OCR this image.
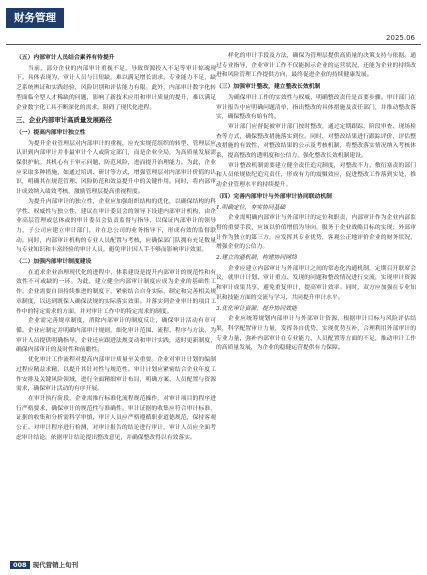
财务管理
2025.06

（五）内部审计人员结合素养有待提升

当前，部分企业的内部审计重视不足，导致资源投入不足等审计惊魂现下。具体表现为，审计人员与日短缺，难以满足增长需求，专业能力不足，缺乏系统辨证和实践经验，风险识别和评估能力有限。此外，内部审计数字化转型面临全型人才稀缺的问题，影响了新技术应用和审计质量的提升，难以满足企业数字化工具不断深化的需求，阻碍了现代化进程。

三、企业内部审计高质量发展路径

（一）提高内部审计独立性

为提升企业管理层对内部审计的重视，应充实规范组织的转型、管理层应认识到内部审计并非最审计个人或阶定部门，而是企业全局，为高质量发展需保供护航。其机心有于审示问题、防范风险，进而提升治理能力。为此，企业应采取多种措施，如通过培训、研讨等方式，增强管理层对内部审计价值的认识，明确其在规范管理、风险防范和效益提升中的关键作用。同时，将内部审计成效纳入绩效考核，激励管理层提高重视程度。

为提升内部审计的独立性，企业应加强组织结构的优化，以确保结构的科学性、权威性与独立性，建议在审计委员会的领导下设建内部审计机构，由企业高层管理或总体或的审计委员会负责监督与指导，以保证内部审计的领导力，子公司应建立审计部门，并在总公司的业务指导下，形成有效的监督联动。同时，内部审计机构的专业人员配置与考核，应确保部门队拥有充足数量与专业知识和丰富经验的审计人员，避免审计因人手不够而影响审计效果。

（二）加强内部审计制度建设

在追求企业治理现代化的进程中，体系建设是提升内部审计的规范性和有效性不可或缺的一环。为此，建立健全内部审计制度应成为企业的基础性工作。企业需要自顶持续推进的制度下，紧密结合自身实际，制定和完善相关规章制度，以达到既保人确保法规的实际落实效果。并落实到企业审计的项目工作中的特定需求的方面，并对审计工作中的特定需求的制度。

企业需完善规章制度，消除内部审计的制度反让，确保审计活动有章可循。企业应制定并明确内部审计规则，细化审计范围、流程、程序与方法，为审计人员提供明确指导。企业还应跟进法规变动和审计实践，适时更新制度，确保内部审计的及时性和前瞻性。

优化审计工作流程对提高内部审计质量至关重要。企业对审计计划的编制过程应精益求精，以提升其针对性与规范性。审计计划应紧密结合企业年度工作安排及关键风险领域，进行全面精细审计布局，明确方案、人员配置与资源需求，确保审计活动的有序开展。

在审计执行阶段，企业需推行标准化流程规范操作，对审计项目的程序进行严格要求，确保审计的规范性与准确性。审计证据的收集应符合审计标准，证据的收集和分析需科学审慎，审计人员应严格遵循职业道德规范，保持客观公正。对审计程序进行检测，对审计报告的结论进行审计，审计人员应全面考虑审计结论，依据审计结论提出整改意见，并确保整改得以有效落实。

样化的审计手段及方法，确保为管理层提供高质量的决策支持与依据。通过专业指导，企业审计工作不仅能揭示企业的运营状况，还能为企业的持续改进和风险管理工作提供方向，最终促进企业的持续健康发展。

（三）加强审计整改，建立整改长效机制

为确保审计工作的实效性与权威，明确整改责任是首要步骤。审计部门在审计报告中应明确问题清单，指出整改的具体措施及责任部门，并推动整改落实，确保整改有始有终。

审计部门应督促被审计部门按时整改，通过定期跟踪、阶段审查、现场检查等方式，确保整改措施落实到位。同时，对整改结果进行跟踪评价，评估整改措施的有效性，对整改结果的公示及考核机制，将整改落实情况纳入考核体系，提高整改的透明度和公信力，强化整改长效机制建设。

审计整改机制需要建立健全责任追究制度，对整改不力、敷衍塞责的部门和人员依规依纪追究责任，形成有力的震慑效应，促进整改工作落到实处，推动企业管理水平的持续提升。

（四）完善内部审计与外部审计协同联动机制

1.明确定位，夯实协同基础

企业需明确内部审计与外部审计的定位和职责，内部审计作为企业内部监督的重要手段，应该以价值增值为导向，服务于企业战略目标的实现；外部审计作为独立的第三方，应发挥其专业优势，客观公正地评价企业的财务状况，增强企业的公信力。

2.建立沟通机制，构建协同网络

企业应建立内部审计与外部审计之间的常态化沟通机制，定期召开联席会议，就审计计划、审计重点、发现的问题和整改情况进行交流，实现审计资源和审计成果共享，避免重复审计，提高审计效率。同时，双方应加强在专业知识和技能方面的交流与学习，共同提升审计水平。

3.优化审计资源，提升协同效能

企业应统筹规划内部审计与外部审计资源，根据审计目标与风险评估结果，科学配置审计力量，发挥各自优势，实现优势互补，合理利用外部审计的专业力量，弥补内部审计在专业能力、人员配置等方面的不足，推动审计工作的高质量发展，为企业的稳健运营提供有力保障。

008 现代营销上旬刊
